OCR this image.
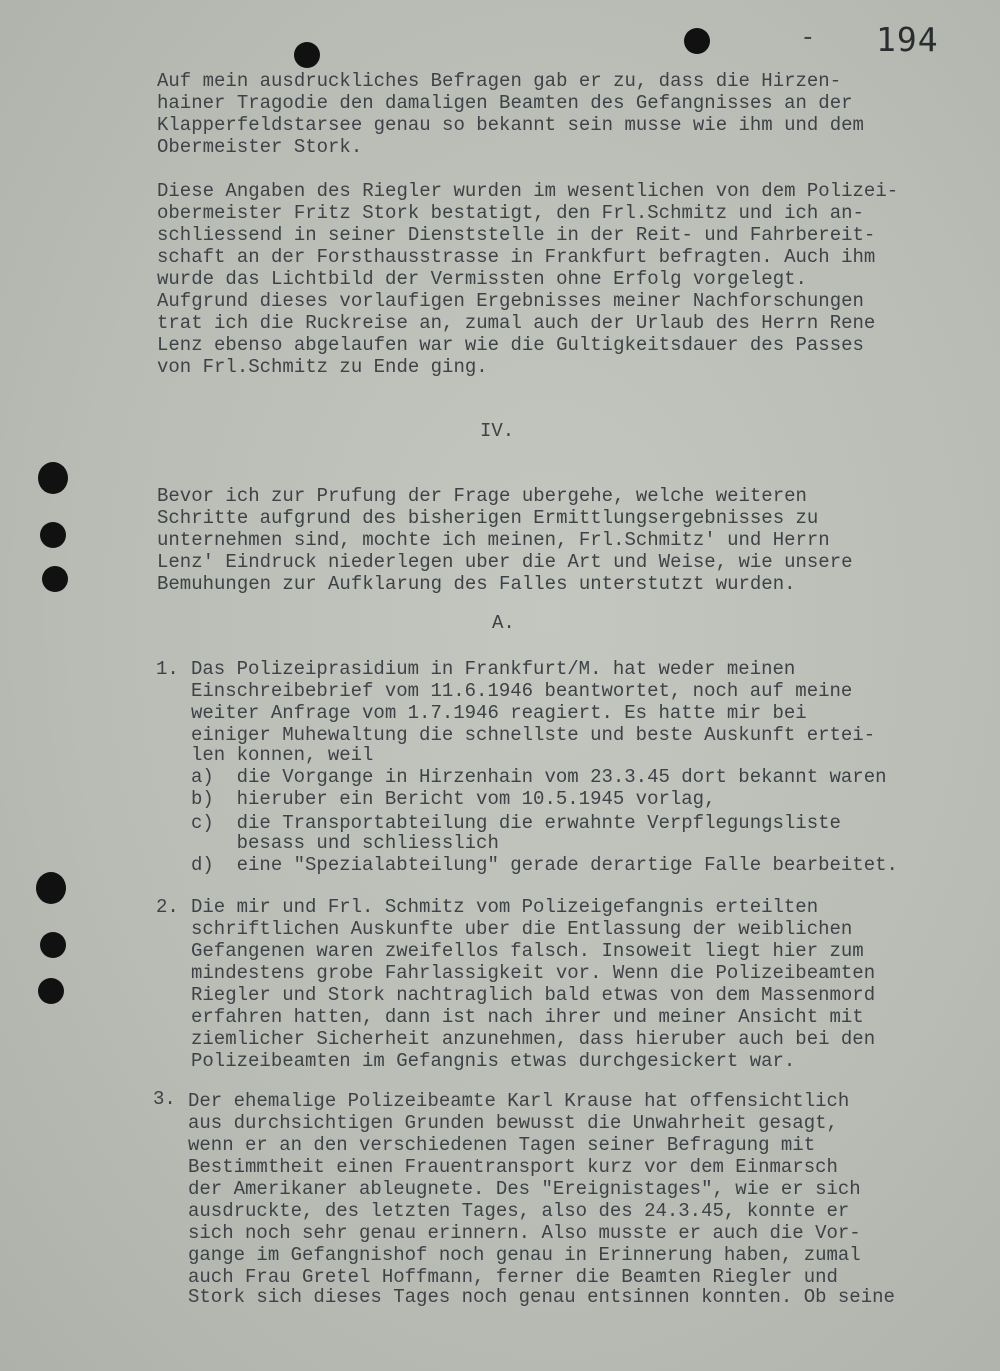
- 194
Auf mein ausdruckliches Befragen gab er zu, dass die Hirzen-
hainer Tragodie den damaligen Beamten des Gefangnisses an der
Klapperfeldstarsee genau so bekannt sein musse wie ihm und dem
Obermeister Stork.
Diese Angaben des Riegler wurden im wesentlichen von dem Polizei-
obermeister Fritz Stork bestatigt, den Frl.Schmitz und ich an-
schliessend in seiner Dienststelle in der Reit- und Fahrbereit-
schaft an der Forsthausstrasse in Frankfurt befragten. Auch ihm
wurde das Lichtbild der Vermissten ohne Erfolg vorgelegt.
Aufgrund dieses vorlaufigen Ergebnisses meiner Nachforschungen
trat ich die Ruckreise an, zumal auch der Urlaub des Herrn Rene
Lenz ebenso abgelaufen war wie die Gultigkeitsdauer des Passes
von Frl.Schmitz zu Ende ging.
IV.
Bevor ich zur Prufung der Frage ubergehe, welche weiteren
Schritte aufgrund des bisherigen Ermittlungsergebnisses zu
unternehmen sind, mochte ich meinen, Frl.Schmitz' und Herrn
Lenz' Eindruck niederlegen uber die Art und Weise, wie unsere
Bemuhungen zur Aufklarung des Falles unterstutzt wurden.
A.
1. Das Polizeiprasidium in Frankfurt/M. hat weder meinen
Einschreibebrief vom 11.6.1946 beantwortet, noch auf meine
weiter Anfrage vom 1.7.1946 reagiert. Es hatte mir bei
einiger Muhewaltung die schnellste und beste Auskunft ertei-
len konnen, weil
a)  die Vorgange in Hirzenhain vom 23.3.45 dort bekannt waren
b)  hieruber ein Bericht vom 10.5.1945 vorlag,
c)  die Transportabteilung die erwahnte Verpflegungsliste
besass und schliesslich
d)  eine "Spezialabteilung" gerade derartige Falle bearbeitet.
2. Die mir und Frl. Schmitz vom Polizeigefangnis erteilten
schriftlichen Auskunfte uber die Entlassung der weiblichen
Gefangenen waren zweifellos falsch. Insoweit liegt hier zum
mindestens grobe Fahrlassigkeit vor. Wenn die Polizeibeamten
Riegler und Stork nachtraglich bald etwas von dem Massenmord
erfahren hatten, dann ist nach ihrer und meiner Ansicht mit
ziemlicher Sicherheit anzunehmen, dass hieruber auch bei den
Polizeibeamten im Gefangnis etwas durchgesickert war.
3. Der ehemalige Polizeibeamte Karl Krause hat offensichtlich
aus durchsichtigen Grunden bewusst die Unwahrheit gesagt,
wenn er an den verschiedenen Tagen seiner Befragung mit
Bestimmtheit einen Frauentransport kurz vor dem Einmarsch
der Amerikaner ableugnete. Des "Ereignistages", wie er sich
ausdruckte, des letzten Tages, also des 24.3.45, konnte er
sich noch sehr genau erinnern. Also musste er auch die Vor-
gange im Gefangnishof noch genau in Erinnerung haben, zumal
auch Frau Gretel Hoffmann, ferner die Beamten Riegler und
Stork sich dieses Tages noch genau entsinnen konnten. Ob seine
